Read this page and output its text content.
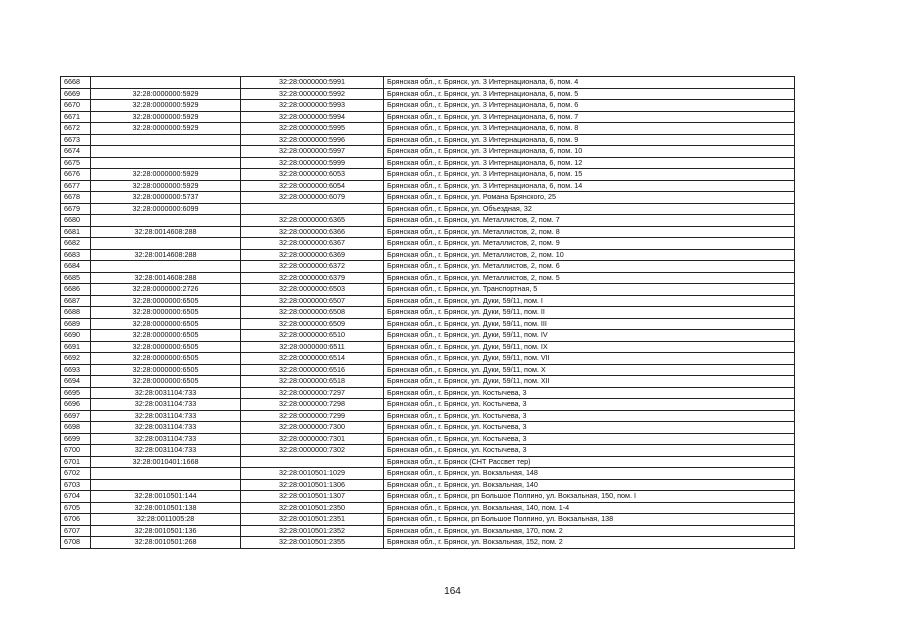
6668		32:28:0000000:5991	Брянская обл., г. Брянск, ул. 3 Интернационала, 6, пом. 4
6669	32:28:0000000:5929	32:28:0000000:5992	Брянская обл., г. Брянск, ул. 3 Интернационала, 6, пом. 5
6670	32:28:0000000:5929	32:28:0000000:5993	Брянская обл., г. Брянск, ул. 3 Интернационала, 6, пом. 6
6671	32:28:0000000:5929	32:28:0000000:5994	Брянская обл., г. Брянск, ул. 3 Интернационала, 6, пом. 7
6672	32:28:0000000:5929	32:28:0000000:5995	Брянская обл., г. Брянск, ул. 3 Интернационала, 6, пом. 8
6673		32:28:0000000:5996	Брянская обл., г. Брянск, ул. 3 Интернационала, 6, пом. 9
6674		32:28:0000000:5997	Брянская обл., г. Брянск, ул. 3 Интернационала, 6, пом. 10
6675		32:28:0000000:5999	Брянская обл., г. Брянск, ул. 3 Интернационала, 6, пом. 12
6676	32:28:0000000:5929	32:28:0000000:6053	Брянская обл., г. Брянск, ул. 3 Интернационала, 6, пом. 15
6677	32:28:0000000:5929	32:28:0000000:6054	Брянская обл., г. Брянск, ул. 3 Интернационала, 6, пом. 14
6678	32:28:0000000:5737	32:28:0000000:6079	Брянская обл., г. Брянск, ул. Романа Брянского, 25
6679	32:28:0000000:6099		Брянская обл., г. Брянск, ул. Объездная, 32
6680		32:28:0000000:6365	Брянская обл., г. Брянск, ул. Металлистов, 2, пом. 7
6681	32:28:0014608:288	32:28:0000000:6366	Брянская обл., г. Брянск, ул. Металлистов, 2, пом. 8
6682		32:28:0000000:6367	Брянская обл., г. Брянск, ул. Металлистов, 2, пом. 9
6683	32:28:0014608:288	32:28:0000000:6369	Брянская обл., г. Брянск, ул. Металлистов, 2, пом. 10
6684		32:28:0000000:6372	Брянская обл., г. Брянск, ул. Металлистов, 2, пом. 6
6685	32:28:0014608:288	32:28:0000000:6379	Брянская обл., г. Брянск, ул. Металлистов, 2, пом. 5
6686	32:28:0000000:2726	32:28:0000000:6503	Брянская обл., г. Брянск, ул. Транспортная, 5
6687	32:28:0000000:6505	32:28:0000000:6507	Брянская обл., г. Брянск, ул. Дуки, 59/11, пом. I
6688	32:28:0000000:6505	32:28:0000000:6508	Брянская обл., г. Брянск, ул. Дуки, 59/11, пом. II
6689	32:28:0000000:6505	32:28:0000000:6509	Брянская обл., г. Брянск, ул. Дуки, 59/11, пом. III
6690	32:28:0000000:6505	32:28:0000000:6510	Брянская обл., г. Брянск, ул. Дуки, 59/11, пом. IV
6691	32:28:0000000:6505	32:28:0000000:6511	Брянская обл., г. Брянск, ул. Дуки, 59/11, пом. IX
6692	32:28:0000000:6505	32:28:0000000:6514	Брянская обл., г. Брянск, ул. Дуки, 59/11, пом. VII
6693	32:28:0000000:6505	32:28:0000000:6516	Брянская обл., г. Брянск, ул. Дуки, 59/11, пом. X
6694	32:28:0000000:6505	32:28:0000000:6518	Брянская обл., г. Брянск, ул. Дуки, 59/11, пом. XII
6695	32:28:0031104:733	32:28:0000000:7297	Брянская обл., г. Брянск, ул. Костычева, 3
6696	32:28:0031104:733	32:28:0000000:7298	Брянская обл., г. Брянск, ул. Костычева, 3
6697	32:28:0031104:733	32:28:0000000:7299	Брянская обл., г. Брянск, ул. Костычева, 3
6698	32:28:0031104:733	32:28:0000000:7300	Брянская обл., г. Брянск, ул. Костычева, 3
6699	32:28:0031104:733	32:28:0000000:7301	Брянская обл., г. Брянск, ул. Костычева, 3
6700	32:28:0031104:733	32:28:0000000:7302	Брянская обл., г. Брянск, ул. Костычева, 3
6701	32:28:0010401:1668		Брянская обл., г. Брянск (СНТ Рассвет тер)
6702		32:28:0010501:1029	Брянская обл., г. Брянск, ул. Вокзальная, 148
6703		32:28:0010501:1306	Брянская обл., г. Брянск, ул. Вокзальная, 140
6704	32:28:0010501:144	32:28:0010501:1307	Брянская обл., г. Брянск, рп Большое Полпино, ул. Вокзальная, 150, пом. I
6705	32:28:0010501:138	32:28:0010501:2350	Брянская обл., г. Брянск, ул. Вокзальная, 140, пом. 1-4
6706	32:28:0011005:28	32:28:0010501:2351	Брянская обл., г. Брянск, рп Большое Полпино, ул. Вокзальная, 138
6707	32:28:0010501:136	32:28:0010501:2352	Брянская обл., г. Брянск, ул. Вокзальная, 170, пом. 2
6708	32:28:0010501:268	32:28:0010501:2355	Брянская обл., г. Брянск, ул. Вокзальная, 152, пом. 2
164
